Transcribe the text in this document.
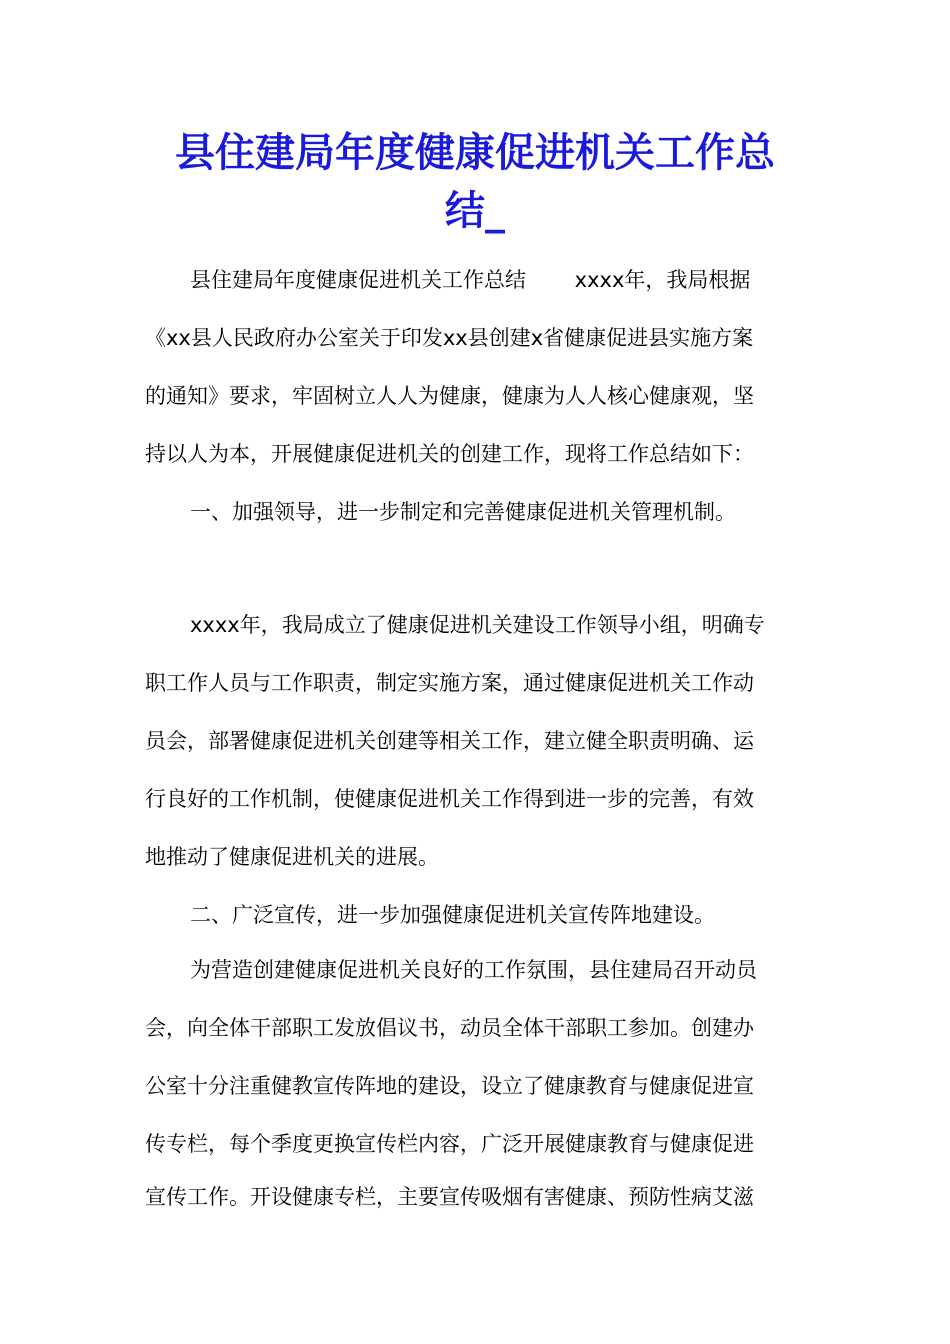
县住建局年度健康促进机关工作总
结_
县住建局年度健康促进机关工作总结　　 xxxx年，我局根据
《xx县人民政府办公室关于印发xx县创建x省健康促进县实施方案
的通知》要求，牢固树立人人为健康，健康为人人核心健康观，坚
持以人为本，开展健康促进机关的创建工作，现将工作总结如下：
一、加强领导，进一步制定和完善健康促进机关管理机制。
xxxx年，我局成立了健康促进机关建设工作领导小组，明确专
职工作人员与工作职责，制定实施方案，通过健康促进机关工作动
员会，部署健康促进机关创建等相关工作，建立健全职责明确、运
行良好的工作机制，使健康促进机关工作得到进一步的完善，有效
地推动了健康促进机关的进展。
二、广泛宣传，进一步加强健康促进机关宣传阵地建设。
为营造创建健康促进机关良好的工作氛围，县住建局召开动员
会，向全体干部职工发放倡议书，动员全体干部职工参加。创建办
公室十分注重健教宣传阵地的建设，设立了健康教育与健康促进宣
传专栏，每个季度更换宣传栏内容，广泛开展健康教育与健康促进
宣传工作。开设健康专栏，主要宣传吸烟有害健康、预防性病艾滋
